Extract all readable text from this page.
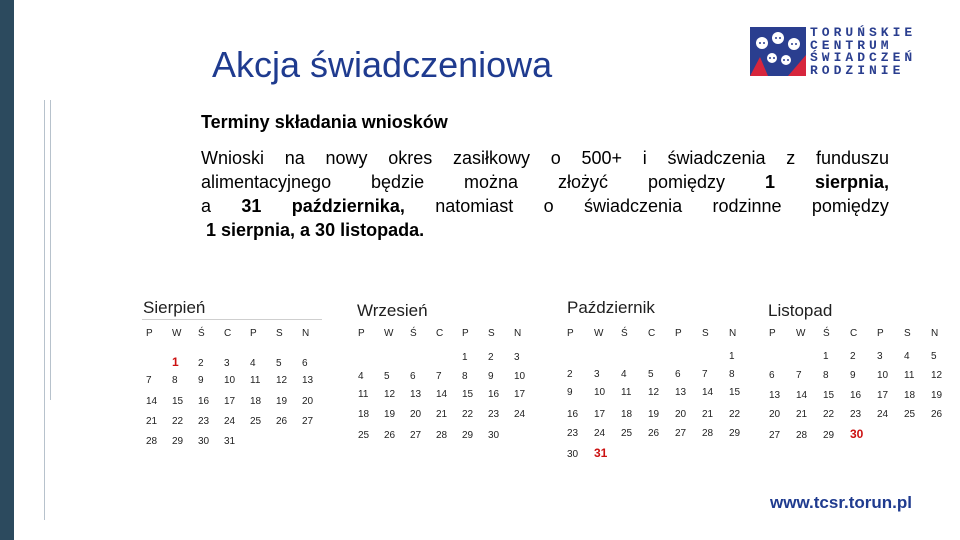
Akcja świadczeniowa
TORUŃSKIE
CENTRUM
ŚWIADCZEŃ
RODZINIE
Terminy składania wniosków
Wnioski na nowy okres zasiłkowy o 500+ i świadczenia z funduszu
alimentacyjnego będzie można złożyć pomiędzy 1 sierpnia,
a 31 października, natomiast o świadczenia rodzinne pomiędzy
1 sierpnia, a 30 listopada.
Sierpień
P W Ś C P S N
1 2 3 4 5 6
7 8 9 10 11 12 13
14 15 16 17 18 19 20
21 22 23 24 25 26 27
28 29 30 31
Wrzesień
P W Ś C P S N
1 2 3
4 5 6 7 8 9 10
11 12 13 14 15 16 17
18 19 20 21 22 23 24
25 26 27 28 29 30
Październik
P W Ś C P S N
1
2 3 4 5 6 7 8
9 10 11 12 13 14 15
16 17 18 19 20 21 22
23 24 25 26 27 28 29
30 31
Listopad
P W Ś C P S N
1 2 3 4 5
6 7 8 9 10 11 12
13 14 15 16 17 18 19
20 21 22 23 24 25 26
27 28 29 30
www.tcsr.torun.pl
